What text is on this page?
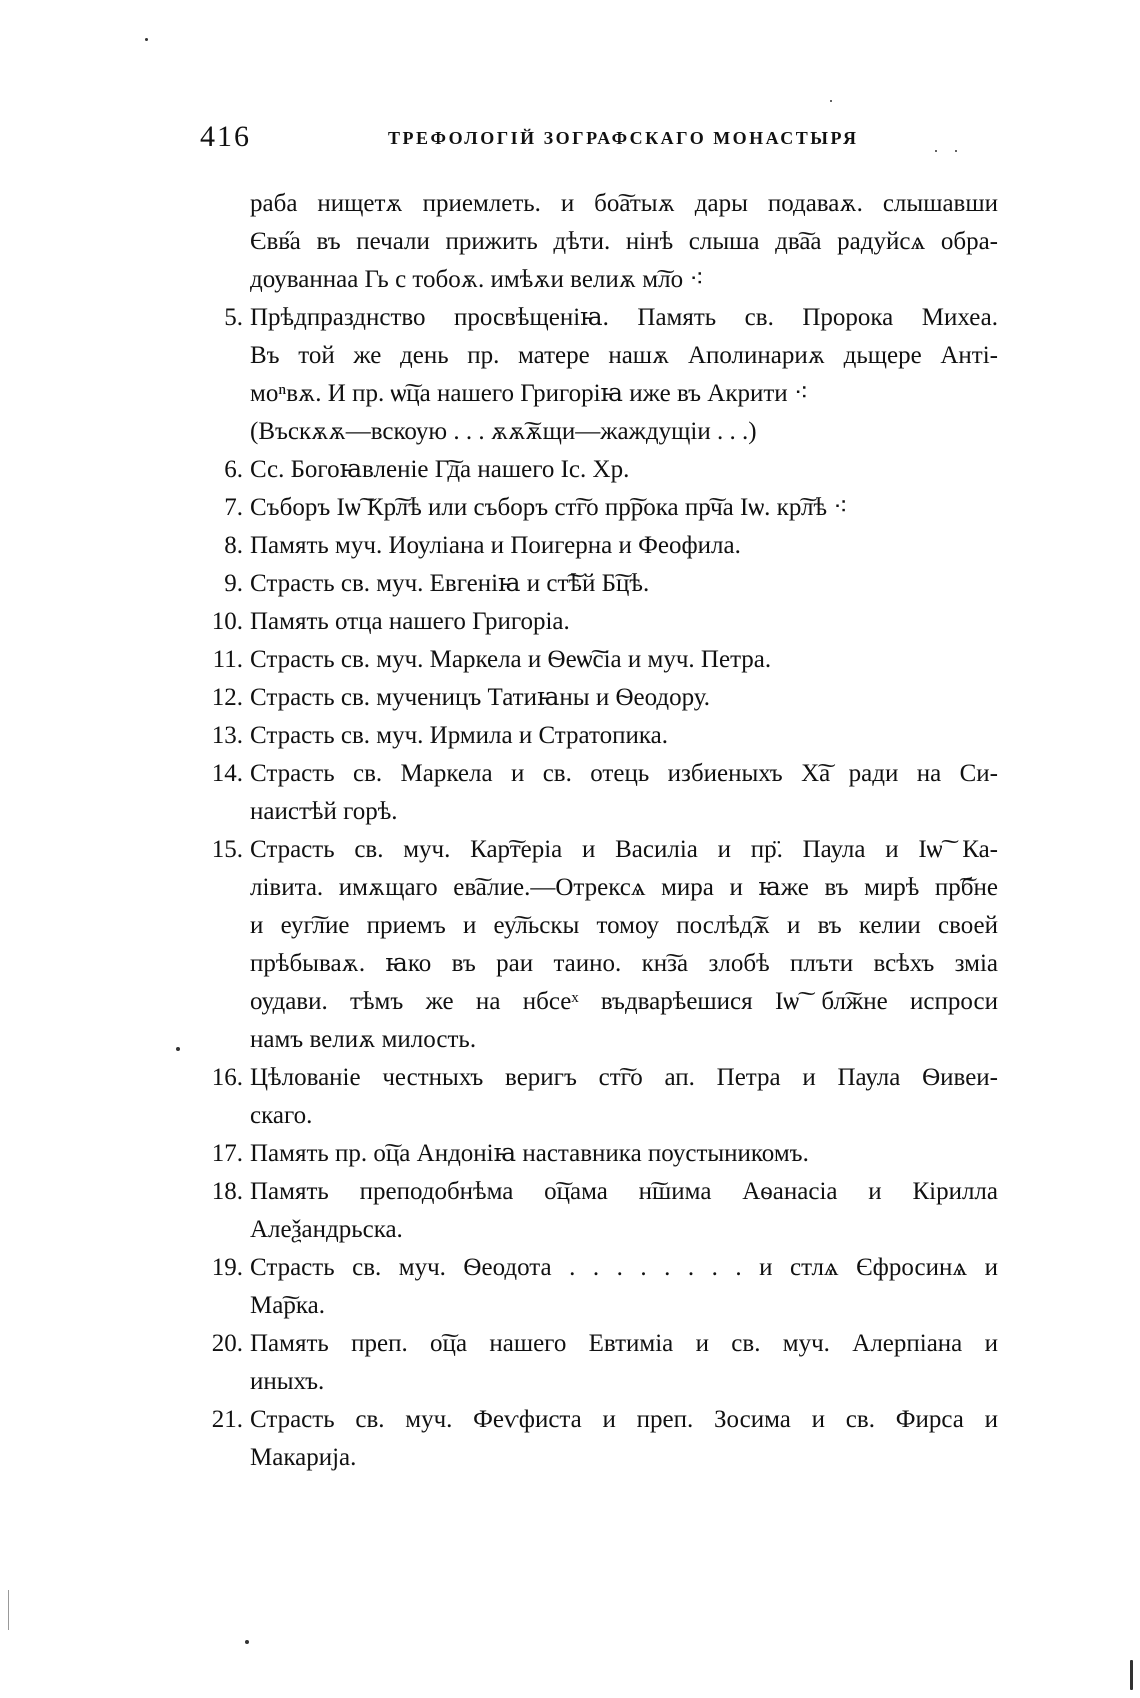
416	ТРЕФОЛОГІЙ ЗОГРАФСКАГО МОНАСТЫРЯ
раба нищетѫ приемлеть. и бо͠атыѫ дары подаваѫ. слышавши
Євв̋а въ печали прижить дѣти. нінѣ слыша дв͠аа радуйсѧ обра-
доуваннаа Гь с тобоѫ. имѣѫи велиѫ м͠ло ⁖
5. Прѣдпразднство просвѣщеніꙗ. Память св. Пророка Михеа.
Въ той же день пр. матере нашѫ Аполинариѫ дьщере Анті-
моⁿвѫ. И пр. ѡ͠ца нашего Григоріꙗ иже въ Акрити ⁖
(Въскѫѫ—вскоую . . . ѫѫ͠ѫщи—жаждущіи . . .)
6. Сс. Богоꙗвленіе Г͠да нашего Іс. Хр.
7. Съборъ Іѡ͠ Кр͠лѣ или съборъ ст͠го пр͠рока пр͠ча Іѡ. кр͠лѣ ⁖
8. Память муч. Иоуліана и Поигерна и Феофила.
9. Страсть св. муч. Евгеніꙗ и ст͠ѣй Б͠цѣ.
10. Память отца нашего Григоріа.
11. Страсть св. муч. Маркела и Ѳеѡ͠сіа и муч. Петра.
12. Страсть св. мученицъ Татиꙗны и Ѳеодору.
13. Страсть св. муч. Ирмила и Стратопика.
14. Страсть св. Маркела и св. отець избиеныхъ Х͠а ради на Си-
наистѣй горѣ.
15. Страсть св. муч. Кар͠теріа и Василіа и пр̈. Паула и Іѡ͠ Ка-
лівита. имѫщаго ев͠алие.—Отрексѧ мира и ꙗже въ мирѣ пр͠бне
и еуг͠лие приемъ и еу͠льскы томоу послѣд͠ѫ и въ келии своей
прѣбываѫ. ꙗко въ раи таино. кн͠за злобѣ плъти всѣхъ зміа
оудави. тѣмъ же на нбсеˣ въдварѣешися Іѡ͠ бл͠жне испроси
намъ велиѫ милость.
16. Цѣлованіе честныхъ веригъ ст͠го ап. Петра и Паула Ѳивеи-
скаго.
17. Память пр. о͠ца Андоніꙗ наставника поустыникомъ.
18. Память преподобнѣма о͠цама н͠шима Аѳанасіа и Кірилла
Алеѯандрьска.
19. Страсть св. муч. Ѳеодота . . . . . . . . и стлѧ Єфросинѧ и
Ма͠рка.
20. Память преп. о͠ца нашего Евтиміа и св. муч. Алерпіана и
иныхъ.
21. Страсть св. муч. Феѵфиста и преп. Зосима и св. Фирса и
Макарија.
